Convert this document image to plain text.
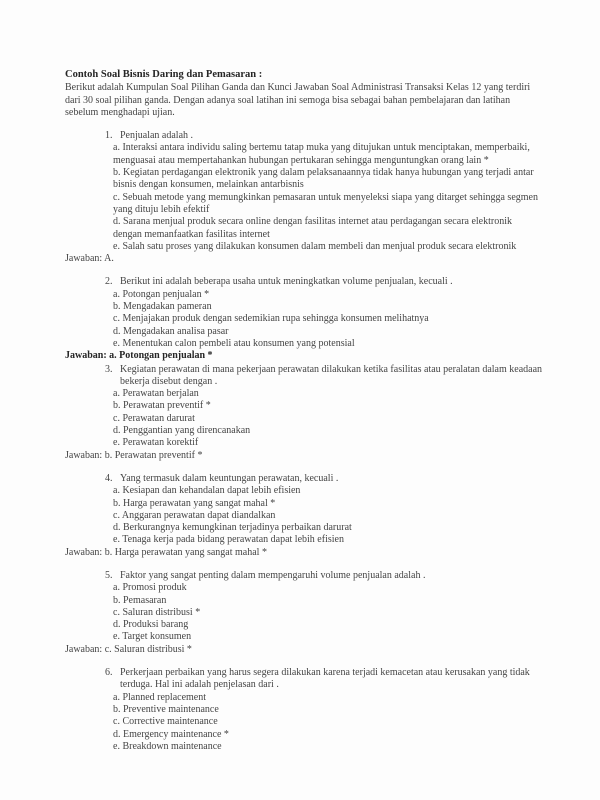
Contoh Soal Bisnis Daring dan Pemasaran :

Berikut adalah Kumpulan Soal Pilihan Ganda dan Kunci Jawaban Soal Administrasi Transaksi Kelas 12 yang terdiri dari 30 soal pilihan ganda. Dengan adanya soal latihan ini semoga bisa sebagai bahan pembelajaran dan latihan sebelum menghadapi ujian.

1. Penjualan adalah .
a. Interaksi antara individu saling bertemu tatap muka yang ditujukan untuk menciptakan, memperbaiki, menguasai atau mempertahankan hubungan pertukaran sehingga menguntungkan orang lain *
b. Kegiatan perdagangan elektronik yang dalam pelaksanaannya tidak hanya hubungan yang terjadi antar bisnis dengan konsumen, melainkan antarbisnis
c. Sebuah metode yang memungkinkan pemasaran untuk menyeleksi siapa yang ditarget sehingga segmen yang dituju lebih efektif
d. Sarana menjual produk secara online dengan fasilitas internet atau perdagangan secara elektronik dengan memanfaatkan fasilitas internet
e. Salah satu proses yang dilakukan konsumen dalam membeli dan menjual produk secara elektronik

Jawaban: A.

2. Berikut ini adalah beberapa usaha untuk meningkatkan volume penjualan, kecuali .
a. Potongan penjualan *
b. Mengadakan pameran
c. Menjajakan produk dengan sedemikian rupa sehingga konsumen melihatnya
d. Mengadakan analisa pasar
e. Menentukan calon pembeli atau konsumen yang potensial

Jawaban: a. Potongan penjualan *

3. Kegiatan perawatan di mana pekerjaan perawatan dilakukan ketika fasilitas atau peralatan dalam keadaan bekerja disebut dengan .
a. Perawatan berjalan
b. Perawatan preventif *
c. Perawatan darurat
d. Penggantian yang direncanakan
e. Perawatan korektif

Jawaban: b. Perawatan preventif *

4. Yang termasuk dalam keuntungan perawatan, kecuali .
a. Kesiapan dan kehandalan dapat lebih efisien
b. Harga perawatan yang sangat mahal *
c. Anggaran perawatan dapat diandalkan
d. Berkurangnya kemungkinan terjadinya perbaikan darurat
e. Tenaga kerja pada bidang perawatan dapat lebih efisien

Jawaban: b. Harga perawatan yang sangat mahal *

5. Faktor yang sangat penting dalam mempengaruhi volume penjualan adalah .
a. Promosi produk
b. Pemasaran
c. Saluran distribusi *
d. Produksi barang
e. Target konsumen

Jawaban: c. Saluran distribusi *

6. Perkerjaan perbaikan yang harus segera dilakukan karena terjadi kemacetan atau kerusakan yang tidak terduga. Hal ini adalah penjelasan dari .
a. Planned replacement
b. Preventive maintenance
c. Corrective maintenance
d. Emergency maintenance *
e. Breakdown maintenance
